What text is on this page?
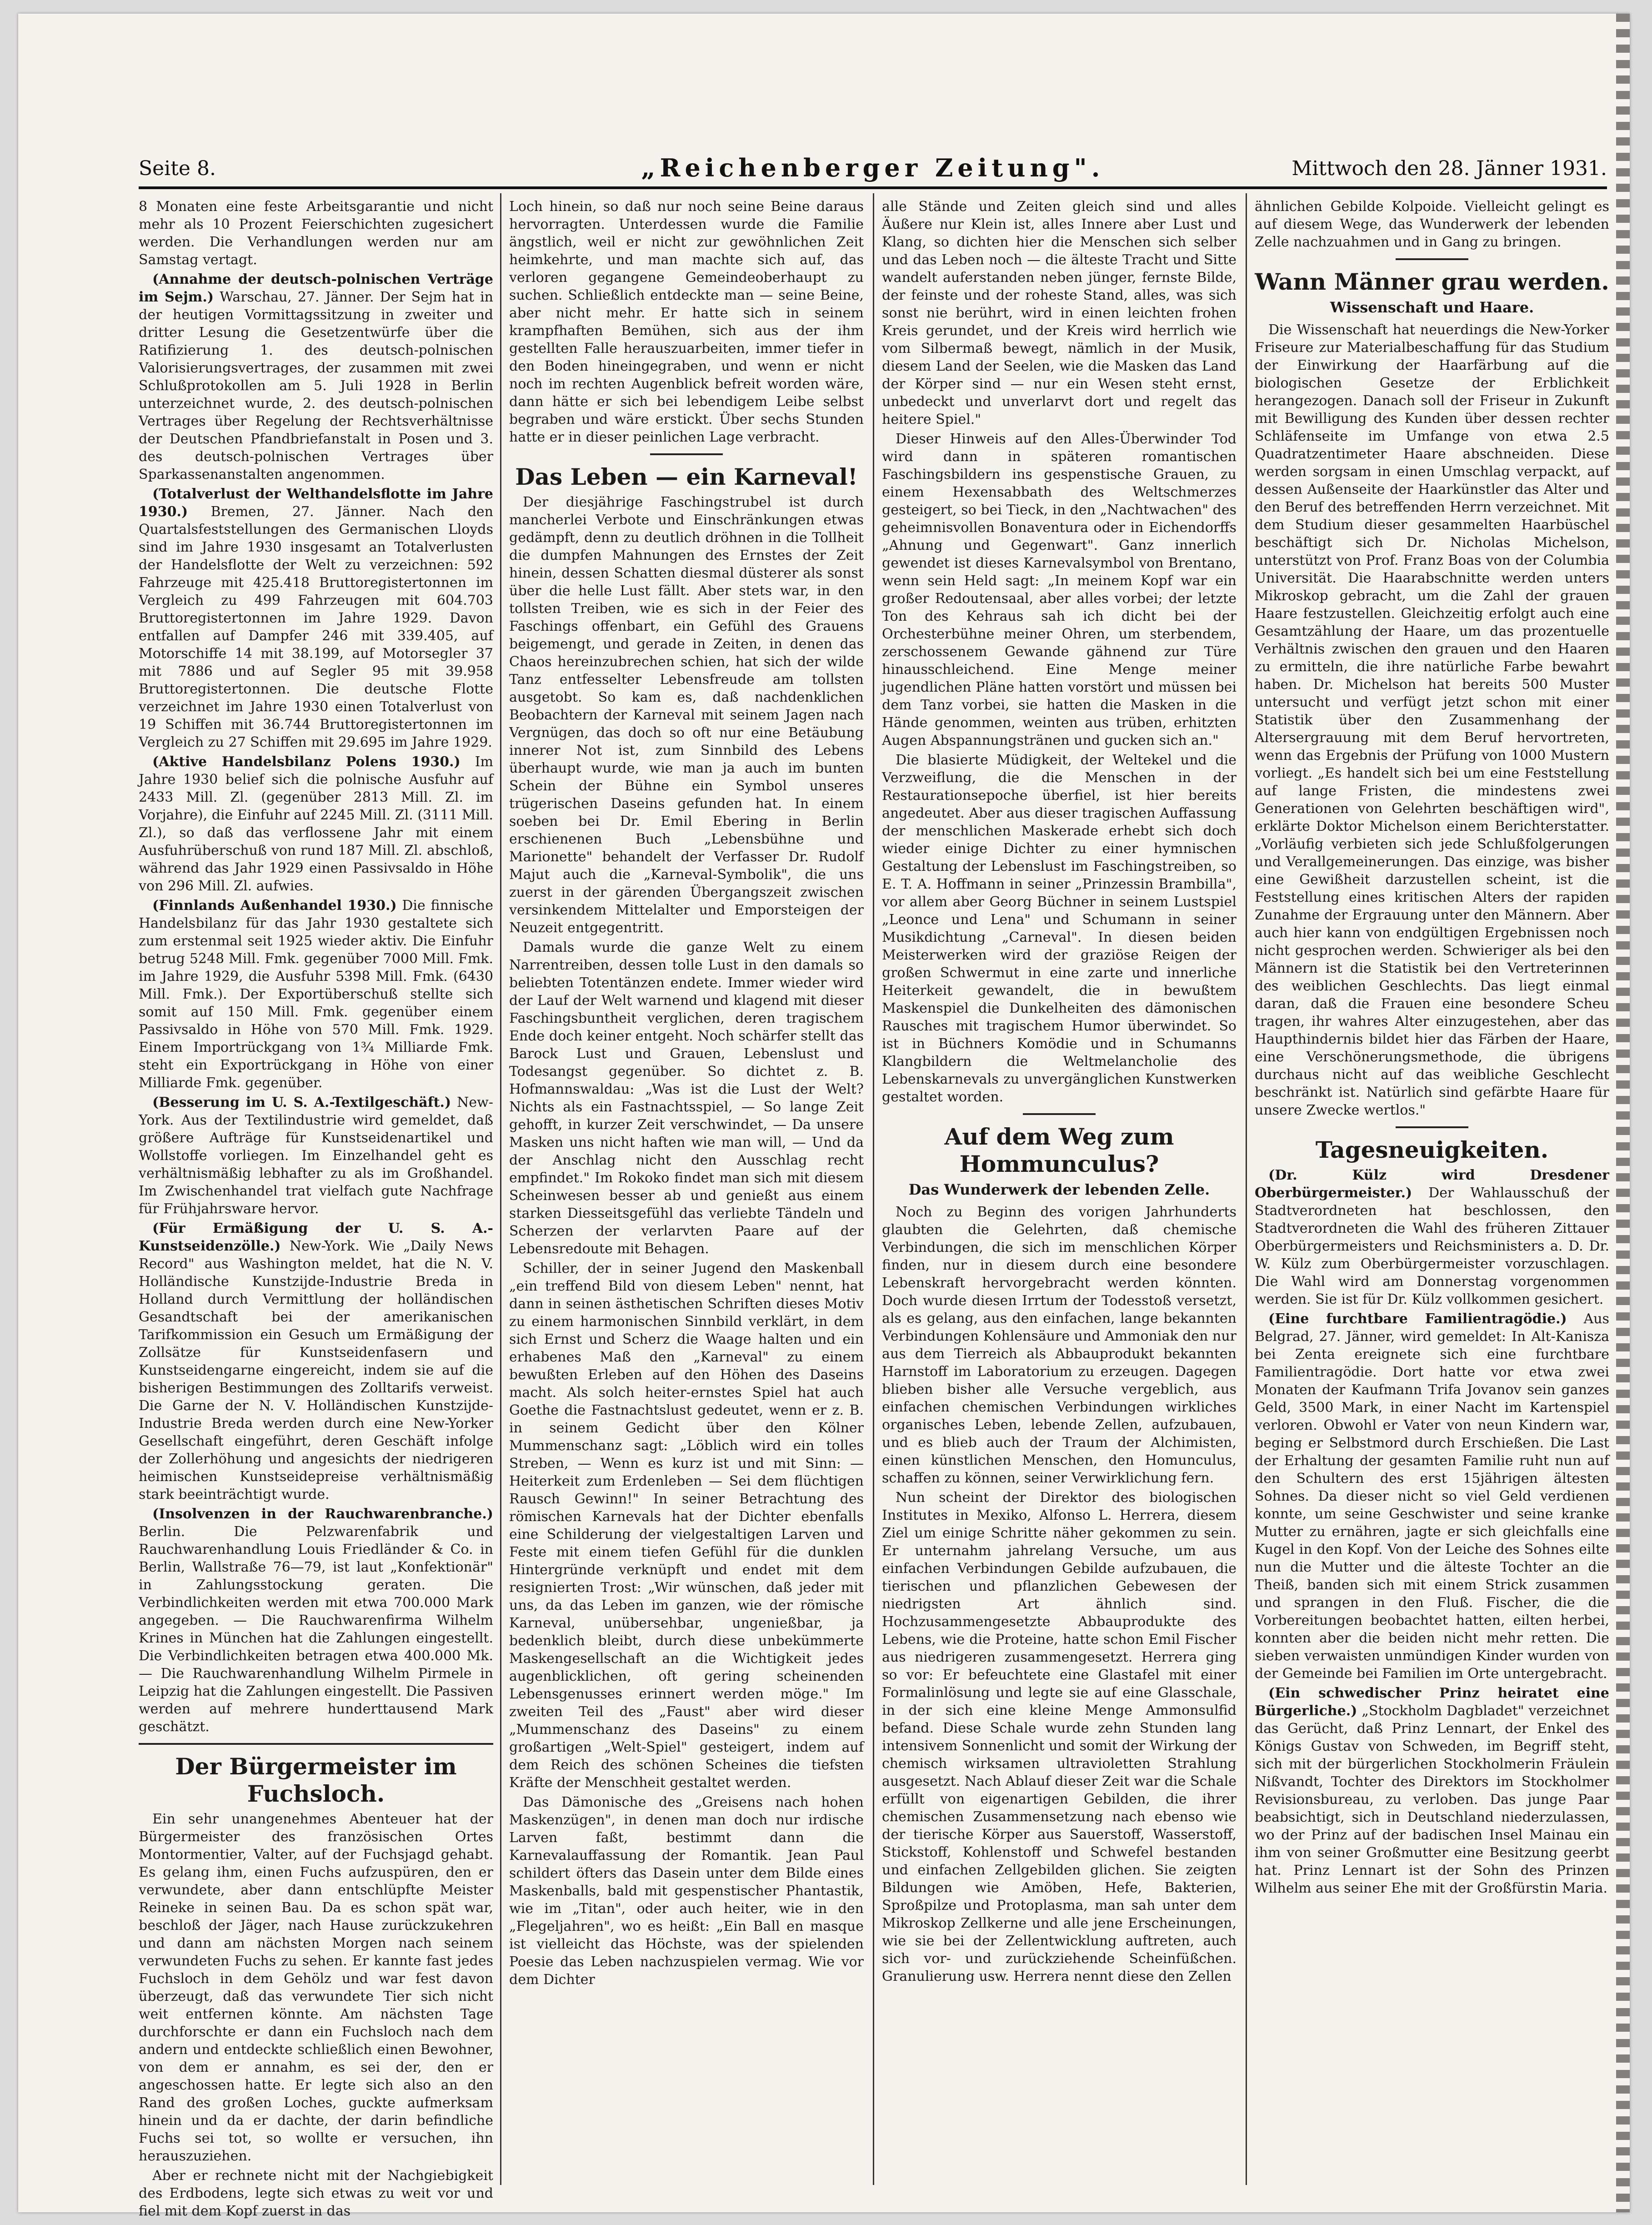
Seite 8.	„Reichenberger Zeitung".	Mittwoch den 28. Jänner 1931.

8 Monaten eine feste Arbeitsgarantie und nicht mehr als 10 Prozent Feierschichten zugesichert werden. Die Verhandlungen werden nur am Samstag vertagt.

(Annahme der deutsch-polnischen Verträge im Sejm.) Warschau, 27. Jänner. Der Sejm hat in der heutigen Vormittagssitzung in zweiter und dritter Lesung die Gesetzentwürfe über die Ratifizierung 1. des deutsch-polnischen Valorisierungsvertrages, der zusammen mit zwei Schlußprotokollen am 5. Juli 1928 in Berlin unterzeichnet wurde, 2. des deutsch-polnischen Vertrages über Regelung der Rechtsverhältnisse der Deutschen Pfandbriefanstalt in Posen und 3. des deutsch-polnischen Vertrages über Sparkassenanstalten angenommen.

(Totalverlust der Welthandelsflotte im Jahre 1930.) Bremen, 27. Jänner. Nach den Quartalsfeststellungen des Germanischen Lloyds sind im Jahre 1930 insgesamt an Totalverlusten der Handelsflotte der Welt zu verzeichnen: 592 Fahrzeuge mit 425.418 Bruttoregistertonnen im Vergleich zu 499 Fahrzeugen mit 604.703 Bruttoregistertonnen im Jahre 1929. Davon entfallen auf Dampfer 246 mit 339.405, auf Motorschiffe 14 mit 38.199, auf Motorsegler 37 mit 7886 und auf Segler 95 mit 39.958 Bruttoregistertonnen. Die deutsche Flotte verzeichnet im Jahre 1930 einen Totalverlust von 19 Schiffen mit 36.744 Bruttoregistertonnen im Vergleich zu 27 Schiffen mit 29.695 im Jahre 1929.

(Aktive Handelsbilanz Polens 1930.) Im Jahre 1930 belief sich die polnische Ausfuhr auf 2433 Mill. Zl. (gegenüber 2813 Mill. Zl. im Vorjahre), die Einfuhr auf 2245 Mill. Zl. (3111 Mill. Zl.), so daß das verflossene Jahr mit einem Ausfuhrüberschuß von rund 187 Mill. Zl. abschloß, während das Jahr 1929 einen Passivsaldo in Höhe von 296 Mill. Zl. aufwies.

(Finnlands Außenhandel 1930.) Die finnische Handelsbilanz für das Jahr 1930 gestaltete sich zum erstenmal seit 1925 wieder aktiv. Die Einfuhr betrug 5248 Mill. Fmk. gegenüber 7000 Mill. Fmk. im Jahre 1929, die Ausfuhr 5398 Mill. Fmk. (6430 Mill. Fmk.). Der Exportüberschuß stellte sich somit auf 150 Mill. Fmk. gegenüber einem Passivsaldo in Höhe von 570 Mill. Fmk. 1929. Einem Importrückgang von 1¾ Milliarde Fmk. steht ein Exportrückgang in Höhe von einer Milliarde Fmk. gegenüber.

(Besserung im U. S. A.-Textilgeschäft.) New-York. Aus der Textilindustrie wird gemeldet, daß größere Aufträge für Kunstseidenartikel und Wollstoffe vorliegen. Im Einzelhandel geht es verhältnismäßig lebhafter zu als im Großhandel. Im Zwischenhandel trat vielfach gute Nachfrage für Frühjahrsware hervor.

(Für Ermäßigung der U. S. A.-Kunstseidenzölle.) New-York. Wie „Daily News Record" aus Washington meldet, hat die N. V. Holländische Kunstzijde-Industrie Breda in Holland durch Vermittlung der holländischen Gesandtschaft bei der amerikanischen Tarifkommission ein Gesuch um Ermäßigung der Zollsätze für Kunstseidenfasern und Kunstseidengarne eingereicht, indem sie auf die bisherigen Bestimmungen des Zolltarifs verweist. Die Garne der N. V. Holländischen Kunstzijde-Industrie Breda werden durch eine New-Yorker Gesellschaft eingeführt, deren Geschäft infolge der Zollerhöhung und angesichts der niedrigeren heimischen Kunstseidepreise verhältnismäßig stark beeinträchtigt wurde.

(Insolvenzen in der Rauchwarenbranche.) Berlin. Die Pelzwarenfabrik und Rauchwarenhandlung Louis Friedländer & Co. in Berlin, Wallstraße 76—79, ist laut „Konfektionär" in Zahlungsstockung geraten. Die Verbindlichkeiten werden mit etwa 700.000 Mark angegeben. — Die Rauchwarenfirma Wilhelm Krines in München hat die Zahlungen eingestellt. Die Verbindlichkeiten betragen etwa 400.000 Mk. — Die Rauchwarenhandlung Wilhelm Pirmele in Leipzig hat die Zahlungen eingestellt. Die Passiven werden auf mehrere hunderttausend Mark geschätzt.

Der Bürgermeister im Fuchsloch.

Ein sehr unangenehmes Abenteuer hat der Bürgermeister des französischen Ortes Montormentier, Valter, auf der Fuchsjagd gehabt. Es gelang ihm, einen Fuchs aufzuspüren, den er verwundete, aber dann entschlüpfte Meister Reineke in seinen Bau. Da es schon spät war, beschloß der Jäger, nach Hause zurückzukehren und dann am nächsten Morgen nach seinem verwundeten Fuchs zu sehen. Er kannte fast jedes Fuchsloch in dem Gehölz und war fest davon überzeugt, daß das verwundete Tier sich nicht weit entfernen könnte. Am nächsten Tage durchforschte er dann ein Fuchsloch nach dem andern und entdeckte schließlich einen Bewohner, von dem er annahm, es sei der, den er angeschossen hatte. Er legte sich also an den Rand des großen Loches, guckte aufmerksam hinein und da er dachte, der darin befindliche Fuchs sei tot, so wollte er versuchen, ihn herauszuziehen.

Aber er rechnete nicht mit der Nachgiebigkeit des Erdbodens, legte sich etwas zu weit vor und fiel mit dem Kopf zuerst in das

Loch hinein, so daß nur noch seine Beine daraus hervorragten. Unterdessen wurde die Familie ängstlich, weil er nicht zur gewöhnlichen Zeit heimkehrte, und man machte sich auf, das verloren gegangene Gemeindeoberhaupt zu suchen. Schließlich entdeckte man — seine Beine, aber nicht mehr. Er hatte sich in seinem krampfhaften Bemühen, sich aus der ihm gestellten Falle herauszuarbeiten, immer tiefer in den Boden hineingegraben, und wenn er nicht noch im rechten Augenblick befreit worden wäre, dann hätte er sich bei lebendigem Leibe selbst begraben und wäre erstickt. Über sechs Stunden hatte er in dieser peinlichen Lage verbracht.

Das Leben — ein Karneval!

Der diesjährige Faschingstrubel ist durch mancherlei Verbote und Einschränkungen etwas gedämpft, denn zu deutlich dröhnen in die Tollheit die dumpfen Mahnungen des Ernstes der Zeit hinein, dessen Schatten diesmal düsterer als sonst über die helle Lust fällt. Aber stets war, in den tollsten Treiben, wie es sich in der Feier des Faschings offenbart, ein Gefühl des Grauens beigemengt, und gerade in Zeiten, in denen das Chaos hereinzubrechen schien, hat sich der wilde Tanz entfesselter Lebensfreude am tollsten ausgetobt. So kam es, daß nachdenklichen Beobachtern der Karneval mit seinem Jagen nach Vergnügen, das doch so oft nur eine Betäubung innerer Not ist, zum Sinnbild des Lebens überhaupt wurde, wie man ja auch im bunten Schein der Bühne ein Symbol unseres trügerischen Daseins gefunden hat. In einem soeben bei Dr. Emil Ebering in Berlin erschienenen Buch „Lebensbühne und Marionette" behandelt der Verfasser Dr. Rudolf Majut auch die „Karneval-Symbolik", die uns zuerst in der gärenden Übergangszeit zwischen versinkendem Mittelalter und Emporsteigen der Neuzeit entgegentritt.

Damals wurde die ganze Welt zu einem Narrentreiben, dessen tolle Lust in den damals so beliebten Totentänzen endete. Immer wieder wird der Lauf der Welt warnend und klagend mit dieser Faschingsbuntheit verglichen, deren tragischem Ende doch keiner entgeht. Noch schärfer stellt das Barock Lust und Grauen, Lebenslust und Todesangst gegenüber. So dichtet z. B. Hofmannswaldau: „Was ist die Lust der Welt? Nichts als ein Fastnachtsspiel, — So lange Zeit gehofft, in kurzer Zeit verschwindet, — Da unsere Masken uns nicht haften wie man will, — Und da der Anschlag nicht den Ausschlag recht empfindet." Im Rokoko findet man sich mit diesem Scheinwesen besser ab und genießt aus einem starken Diesseitsgefühl das verliebte Tändeln und Scherzen der verlarvten Paare auf der Lebensredoute mit Behagen.

Schiller, der in seiner Jugend den Maskenball „ein treffend Bild von diesem Leben" nennt, hat dann in seinen ästhetischen Schriften dieses Motiv zu einem harmonischen Sinnbild verklärt, in dem sich Ernst und Scherz die Waage halten und ein erhabenes Maß den „Karneval" zu einem bewußten Erleben auf den Höhen des Daseins macht. Als solch heiter-ernstes Spiel hat auch Goethe die Fastnachtslust gedeutet, wenn er z. B. in seinem Gedicht über den Kölner Mummenschanz sagt: „Löblich wird ein tolles Streben, — Wenn es kurz ist und mit Sinn: — Heiterkeit zum Erdenleben — Sei dem flüchtigen Rausch Gewinn!" In seiner Betrachtung des römischen Karnevals hat der Dichter ebenfalls eine Schilderung der vielgestaltigen Larven und Feste mit einem tiefen Gefühl für die dunklen Hintergründe verknüpft und endet mit dem resignierten Trost: „Wir wünschen, daß jeder mit uns, da das Leben im ganzen, wie der römische Karneval, unübersehbar, ungenießbar, ja bedenklich bleibt, durch diese unbekümmerte Maskengesellschaft an die Wichtigkeit jedes augenblicklichen, oft gering scheinenden Lebensgenusses erinnert werden möge." Im zweiten Teil des „Faust" aber wird dieser „Mummenschanz des Daseins" zu einem großartigen „Welt-Spiel" gesteigert, indem auf dem Reich des schönen Scheines die tiefsten Kräfte der Menschheit gestaltet werden.

Das Dämonische des „Greisens nach hohen Maskenzügen", in denen man doch nur irdische Larven faßt, bestimmt dann die Karnevalauffassung der Romantik. Jean Paul schildert öfters das Dasein unter dem Bilde eines Maskenballs, bald mit gespenstischer Phantastik, wie im „Titan", oder auch heiter, wie in den „Flegeljahren", wo es heißt: „Ein Ball en masque ist vielleicht das Höchste, was der spielenden Poesie das Leben nachzuspielen vermag. Wie vor dem Dichter

alle Stände und Zeiten gleich sind und alles Äußere nur Klein ist, alles Innere aber Lust und Klang, so dichten hier die Menschen sich selber und das Leben noch — die älteste Tracht und Sitte wandelt auferstanden neben jünger, fernste Bilde, der feinste und der roheste Stand, alles, was sich sonst nie berührt, wird in einen leichten frohen Kreis gerundet, und der Kreis wird herrlich wie vom Silbermaß bewegt, nämlich in der Musik, diesem Land der Seelen, wie die Masken das Land der Körper sind — nur ein Wesen steht ernst, unbedeckt und unverlarvt dort und regelt das heitere Spiel."

Dieser Hinweis auf den Alles-Überwinder Tod wird dann in späteren romantischen Faschingsbildern ins gespenstische Grauen, zu einem Hexensabbath des Weltschmerzes gesteigert, so bei Tieck, in den „Nachtwachen" des geheimnisvollen Bonaventura oder in Eichendorffs „Ahnung und Gegenwart". Ganz innerlich gewendet ist dieses Karnevalsymbol von Brentano, wenn sein Held sagt: „In meinem Kopf war ein großer Redoutensaal, aber alles vorbei; der letzte Ton des Kehraus sah ich dicht bei der Orchesterbühne meiner Ohren, um sterbendem, zerschossenem Gewande gähnend zur Türe hinausschleichend. Eine Menge meiner jugendlichen Pläne hatten vorstört und müssen bei dem Tanz vorbei, sie hatten die Masken in die Hände genommen, weinten aus trüben, erhitzten Augen Abspannungstränen und gucken sich an."

Die blasierte Müdigkeit, der Weltekel und die Verzweiflung, die die Menschen in der Restaurationsepoche überfiel, ist hier bereits angedeutet. Aber aus dieser tragischen Auffassung der menschlichen Maskerade erhebt sich doch wieder einige Dichter zu einer hymnischen Gestaltung der Lebenslust im Faschingstreiben, so E. T. A. Hoffmann in seiner „Prinzessin Brambilla", vor allem aber Georg Büchner in seinem Lustspiel „Leonce und Lena" und Schumann in seiner Musikdichtung „Carneval". In diesen beiden Meisterwerken wird der graziöse Reigen der großen Schwermut in eine zarte und innerliche Heiterkeit gewandelt, die in bewußtem Maskenspiel die Dunkelheiten des dämonischen Rausches mit tragischem Humor überwindet. So ist in Büchners Komödie und in Schumanns Klangbildern die Weltmelancholie des Lebenskarnevals zu unvergänglichen Kunstwerken gestaltet worden.

Auf dem Weg zum Hommunculus?
Das Wunderwerk der lebenden Zelle.

Noch zu Beginn des vorigen Jahrhunderts glaubten die Gelehrten, daß chemische Verbindungen, die sich im menschlichen Körper finden, nur in diesem durch eine besondere Lebenskraft hervorgebracht werden könnten. Doch wurde diesen Irrtum der Todesstoß versetzt, als es gelang, aus den einfachen, lange bekannten Verbindungen Kohlensäure und Ammoniak den nur aus dem Tierreich als Abbauprodukt bekannten Harnstoff im Laboratorium zu erzeugen. Dagegen blieben bisher alle Versuche vergeblich, aus einfachen chemischen Verbindungen wirkliches organisches Leben, lebende Zellen, aufzubauen, und es blieb auch der Traum der Alchimisten, einen künstlichen Menschen, den Homunculus, schaffen zu können, seiner Verwirklichung fern.

Nun scheint der Direktor des biologischen Institutes in Mexiko, Alfonso L. Herrera, diesem Ziel um einige Schritte näher gekommen zu sein. Er unternahm jahrelang Versuche, um aus einfachen Verbindungen Gebilde aufzubauen, die tierischen und pflanzlichen Gebewesen der niedrigsten Art ähnlich sind. Hochzusammengesetzte Abbauprodukte des Lebens, wie die Proteine, hatte schon Emil Fischer aus niedrigeren zusammengesetzt. Herrera ging so vor: Er befeuchtete eine Glastafel mit einer Formalinlösung und legte sie auf eine Glasschale, in der sich eine kleine Menge Ammonsulfid befand. Diese Schale wurde zehn Stunden lang intensivem Sonnenlicht und somit der Wirkung der chemisch wirksamen ultravioletten Strahlung ausgesetzt. Nach Ablauf dieser Zeit war die Schale erfüllt von eigenartigen Gebilden, die ihrer chemischen Zusammensetzung nach ebenso wie der tierische Körper aus Sauerstoff, Wasserstoff, Stickstoff, Kohlenstoff und Schwefel bestanden und einfachen Zellgebilden glichen. Sie zeigten Bildungen wie Amöben, Hefe, Bakterien, Sproßpilze und Protoplasma, man sah unter dem Mikroskop Zellkerne und alle jene Erscheinungen, wie sie bei der Zellentwicklung auftreten, auch sich vor- und zurückziehende Scheinfüßchen. Granulierung usw. Herrera nennt diese den Zellen

ähnlichen Gebilde Kolpoide. Vielleicht gelingt es auf diesem Wege, das Wunderwerk der lebenden Zelle nachzuahmen und in Gang zu bringen.

Wann Männer grau werden.
Wissenschaft und Haare.

Die Wissenschaft hat neuerdings die New-Yorker Friseure zur Materialbeschaffung für das Studium der Einwirkung der Haarfärbung auf die biologischen Gesetze der Erblichkeit herangezogen. Danach soll der Friseur in Zukunft mit Bewilligung des Kunden über dessen rechter Schläfenseite im Umfange von etwa 2.5 Quadratzentimeter Haare abschneiden. Diese werden sorgsam in einen Umschlag verpackt, auf dessen Außenseite der Haarkünstler das Alter und den Beruf des betreffenden Herrn verzeichnet. Mit dem Studium dieser gesammelten Haarbüschel beschäftigt sich Dr. Nicholas Michelson, unterstützt von Prof. Franz Boas von der Columbia Universität. Die Haarabschnitte werden unters Mikroskop gebracht, um die Zahl der grauen Haare festzustellen. Gleichzeitig erfolgt auch eine Gesamtzählung der Haare, um das prozentuelle Verhältnis zwischen den grauen und den Haaren zu ermitteln, die ihre natürliche Farbe bewahrt haben. Dr. Michelson hat bereits 500 Muster untersucht und verfügt jetzt schon mit einer Statistik über den Zusammenhang der Altersergrauung mit dem Beruf hervortreten, wenn das Ergebnis der Prüfung von 1000 Mustern vorliegt. „Es handelt sich bei um eine Feststellung auf lange Fristen, die mindestens zwei Generationen von Gelehrten beschäftigen wird", erklärte Doktor Michelson einem Berichterstatter. „Vorläufig verbieten sich jede Schlußfolgerungen und Verallgemeinerungen. Das einzige, was bisher eine Gewißheit darzustellen scheint, ist die Feststellung eines kritischen Alters der rapiden Zunahme der Ergrauung unter den Männern. Aber auch hier kann von endgültigen Ergebnissen noch nicht gesprochen werden. Schwieriger als bei den Männern ist die Statistik bei den Vertreterinnen des weiblichen Geschlechts. Das liegt einmal daran, daß die Frauen eine besondere Scheu tragen, ihr wahres Alter einzugestehen, aber das Haupthindernis bildet hier das Färben der Haare, eine Verschönerungsmethode, die übrigens durchaus nicht auf das weibliche Geschlecht beschränkt ist. Natürlich sind gefärbte Haare für unsere Zwecke wertlos."

Tagesneuigkeiten.

(Dr. Külz wird Dresdener Oberbürgermeister.) Der Wahlausschuß der Stadtverordneten hat beschlossen, den Stadtverordneten die Wahl des früheren Zittauer Oberbürgermeisters und Reichsministers a. D. Dr. W. Külz zum Oberbürgermeister vorzuschlagen. Die Wahl wird am Donnerstag vorgenommen werden. Sie ist für Dr. Külz vollkommen gesichert.

(Eine furchtbare Familientragödie.) Aus Belgrad, 27. Jänner, wird gemeldet: In Alt-Kanisza bei Zenta ereignete sich eine furchtbare Familientragödie. Dort hatte vor etwa zwei Monaten der Kaufmann Trifa Jovanov sein ganzes Geld, 3500 Mark, in einer Nacht im Kartenspiel verloren. Obwohl er Vater von neun Kindern war, beging er Selbstmord durch Erschießen. Die Last der Erhaltung der gesamten Familie ruht nun auf den Schultern des erst 15jährigen ältesten Sohnes. Da dieser nicht so viel Geld verdienen konnte, um seine Geschwister und seine kranke Mutter zu ernähren, jagte er sich gleichfalls eine Kugel in den Kopf. Von der Leiche des Sohnes eilte nun die Mutter und die älteste Tochter an die Theiß, banden sich mit einem Strick zusammen und sprangen in den Fluß. Fischer, die die Vorbereitungen beobachtet hatten, eilten herbei, konnten aber die beiden nicht mehr retten. Die sieben verwaisten unmündigen Kinder wurden von der Gemeinde bei Familien im Orte untergebracht.

(Ein schwedischer Prinz heiratet eine Bürgerliche.) „Stockholm Dagbladet" verzeichnet das Gerücht, daß Prinz Lennart, der Enkel des Königs Gustav von Schweden, im Begriff steht, sich mit der bürgerlichen Stockholmerin Fräulein Nißvandt, Tochter des Direktors im Stockholmer Revisionsbureau, zu verloben. Das junge Paar beabsichtigt, sich in Deutschland niederzulassen, wo der Prinz auf der badischen Insel Mainau ein ihm von seiner Großmutter eine Besitzung geerbt hat. Prinz Lennart ist der Sohn des Prinzen Wilhelm aus seiner Ehe mit der Großfürstin Maria.
